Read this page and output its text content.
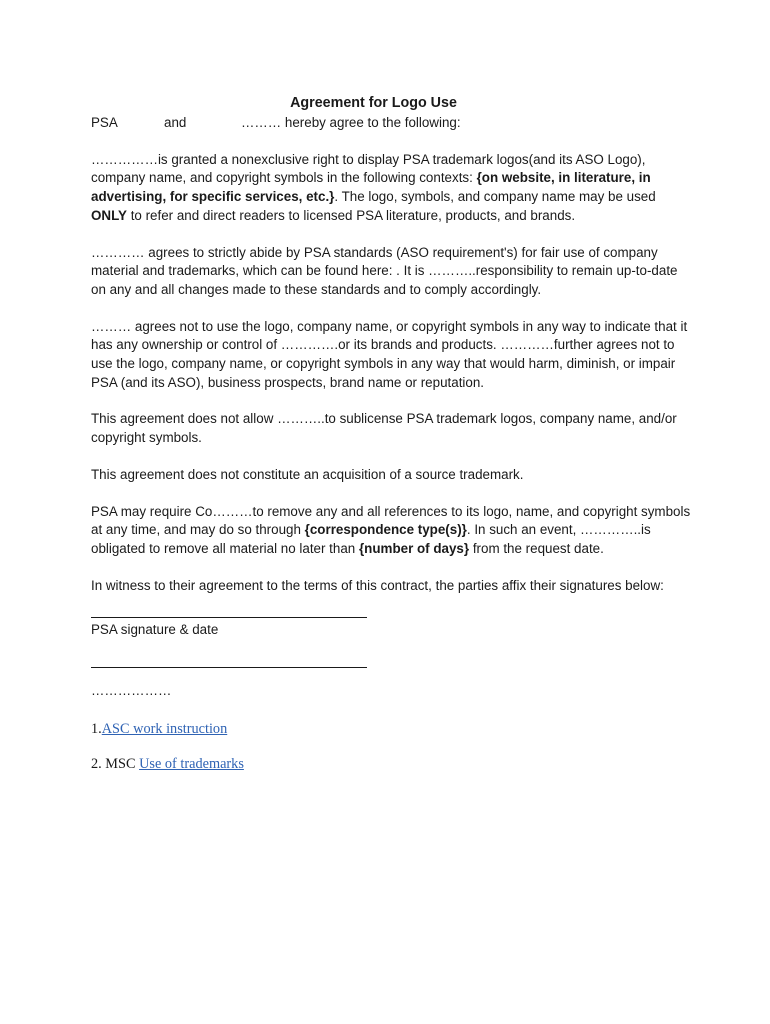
Agreement for Logo Use
PSA	and	……… hereby agree to the following:

……………is granted a nonexclusive right to display PSA trademark logos(and its ASO Logo), company name, and copyright symbols in the following contexts: {on website, in literature, in advertising, for specific services, etc.}. The logo, symbols, and company name may be used ONLY to refer and direct readers to licensed PSA literature, products, and brands.

………… agrees to strictly abide by PSA standards (ASO requirement's) for fair use of company material and trademarks, which can be found here: . It is ………..responsibility to remain up-to-date on any and all changes made to these standards and to comply accordingly.

……… agrees not to use the logo, company name, or copyright symbols in any way to indicate that it has any ownership or control of ………….or its brands and products. …………further agrees not to use the logo, company name, or copyright symbols in any way that would harm, diminish, or impair PSA (and its ASO), business prospects, brand name or reputation.

This agreement does not allow ………..to sublicense PSA trademark logos, company name, and/or copyright symbols.

This agreement does not constitute an acquisition of a source trademark.

PSA may require Co………to remove any and all references to its logo, name, and copyright symbols at any time, and may do so through {correspondence type(s)}. In such an event, …………..is obligated to remove all material no later than {number of days} from the request date.

In witness to their agreement to the terms of this contract, the parties affix their signatures below:

PSA signature & date
………………
1.ASC work instruction
2. MSC Use of trademarks
